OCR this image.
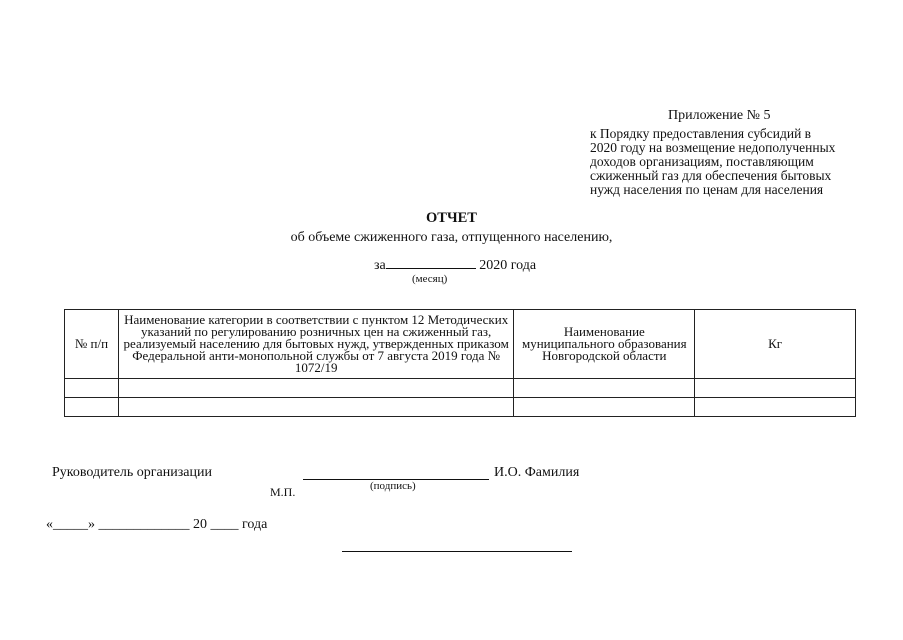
Приложение № 5
к Порядку предоставления субсидий в
2020 году на возмещение недополученных
доходов организациям, поставляющим
сжиженный газ для обеспечения бытовых
нужд населения по ценам для населения
ОТЧЕТ
об объеме сжиженного газа, отпущенного населению,
за	2020 года
(месяц)
№ п/п	Наименование категории в соответствии с пунктом 12 Методических указаний по регулированию розничных цен на сжиженный газ, реализуемый населению для бытовых нужд, утвержденных приказом Федеральной анти-монопольной службы от 7 августа 2019 года № 1072/19	Наименование муниципального образования Новгородской области	Кг

Руководитель организации	И.О. Фамилия
М.П.	(подпись)
«_____» _____________ 20 ____ года
